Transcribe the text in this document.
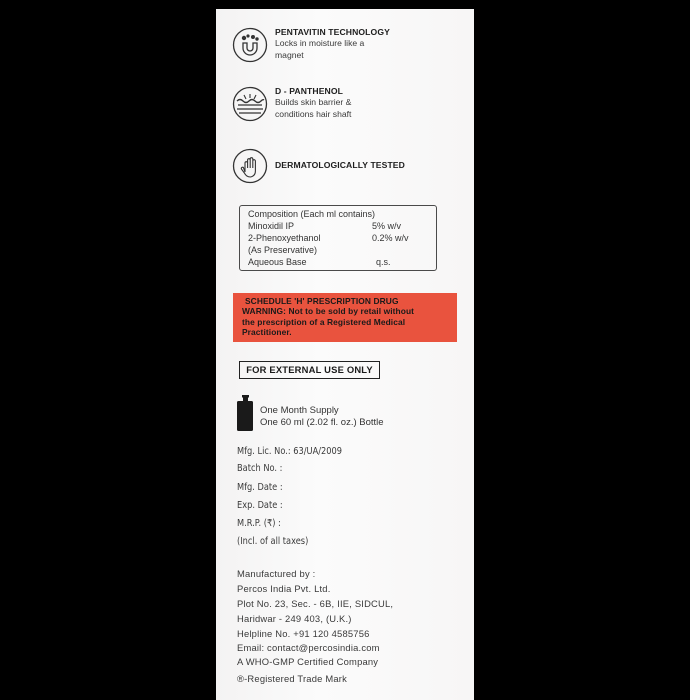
PENTAVITIN TECHNOLOGY
Locks in moisture like a
magnet
D - PANTHENOL
Builds skin barrier &
conditions hair shaft
DERMATOLOGICALLY TESTED
Composition (Each ml contains)
Minoxidil IP	5% w/v
2-Phenoxyethanol	0.2% w/v
(As Preservative)
Aqueous Base	q.s.
SCHEDULE 'H' PRESCRIPTION DRUG
WARNING: Not to be sold by retail without
the prescription of a Registered Medical
Practitioner.
FOR EXTERNAL USE ONLY
One Month Supply
One 60 ml (2.02 fl. oz.) Bottle
Mfg. Lic. No.: 63/UA/2009
Batch No. :
Mfg. Date :
Exp. Date :
M.R.P. (₹) :
(Incl. of all taxes)
Manufactured by :
Percos India Pvt. Ltd.
Plot No. 23, Sec. - 6B, IIE, SIDCUL,
Haridwar - 249 403, (U.K.)
Helpline No. +91 120 4585756
Email: contact@percosindia.com
A WHO-GMP Certified Company
®-Registered Trade Mark
